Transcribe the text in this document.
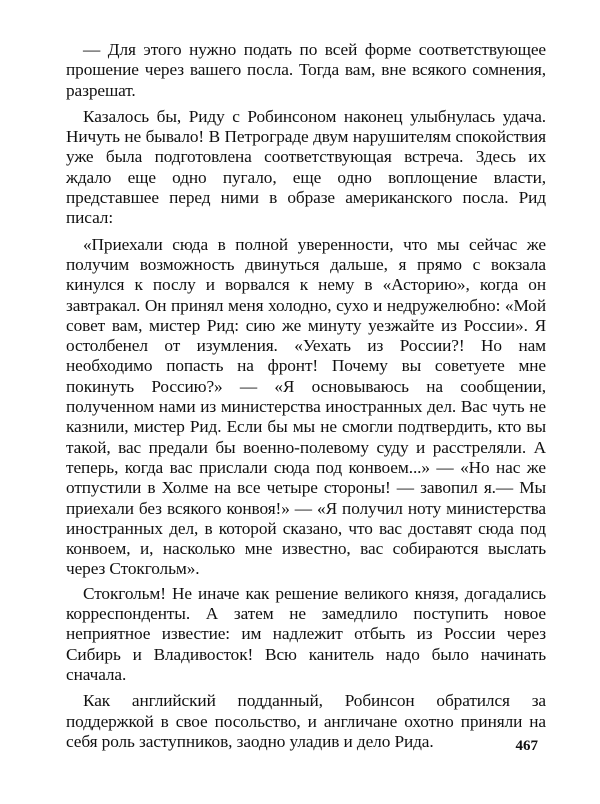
— Для этого нужно подать по всей форме соответствующее прошение через вашего посла. Тогда вам, вне всякого сомнения, разрешат.

Казалось бы, Риду с Робинсоном наконец улыбнулась удача. Ничуть не бывало! В Петрограде двум нарушителям спокойствия уже была подготовлена соответствующая встреча. Здесь их ждало еще одно пугало, еще одно воплощение власти, представшее перед ними в образе американского посла. Рид писал:

«Приехали сюда в полной уверенности, что мы сейчас же получим возможность двинуться дальше, я прямо с вокзала кинулся к послу и ворвался к нему в «Асторию», когда он завтракал. Он принял меня холодно, сухо и недружелюбно: «Мой совет вам, мистер Рид: сию же минуту уезжайте из России». Я остолбенел от изумления. «Уехать из России?! Но нам необходимо попасть на фронт! Почему вы советуете мне покинуть Россию?» — «Я основываюсь на сообщении, полученном нами из министерства иностранных дел. Вас чуть не казнили, мистер Рид. Если бы мы не смогли подтвердить, кто вы такой, вас предали бы военно-полевому суду и расстреляли. А теперь, когда вас прислали сюда под конвоем...» — «Но нас же отпустили в Холме на все четыре стороны! — завопил я.— Мы приехали без всякого конвоя!» — «Я получил ноту министерства иностранных дел, в которой сказано, что вас доставят сюда под конвоем, и, насколько мне известно, вас собираются выслать через Стокгольм».

Стокгольм! Не иначе как решение великого князя, догадались корреспонденты. А затем не замедлило поступить новое неприятное известие: им надлежит отбыть из России через Сибирь и Владивосток! Всю канитель надо было начинать сначала.

Как английский подданный, Робинсон обратился за поддержкой в свое посольство, и англичане охотно приняли на себя роль заступников, заодно уладив и дело Рида.	467
